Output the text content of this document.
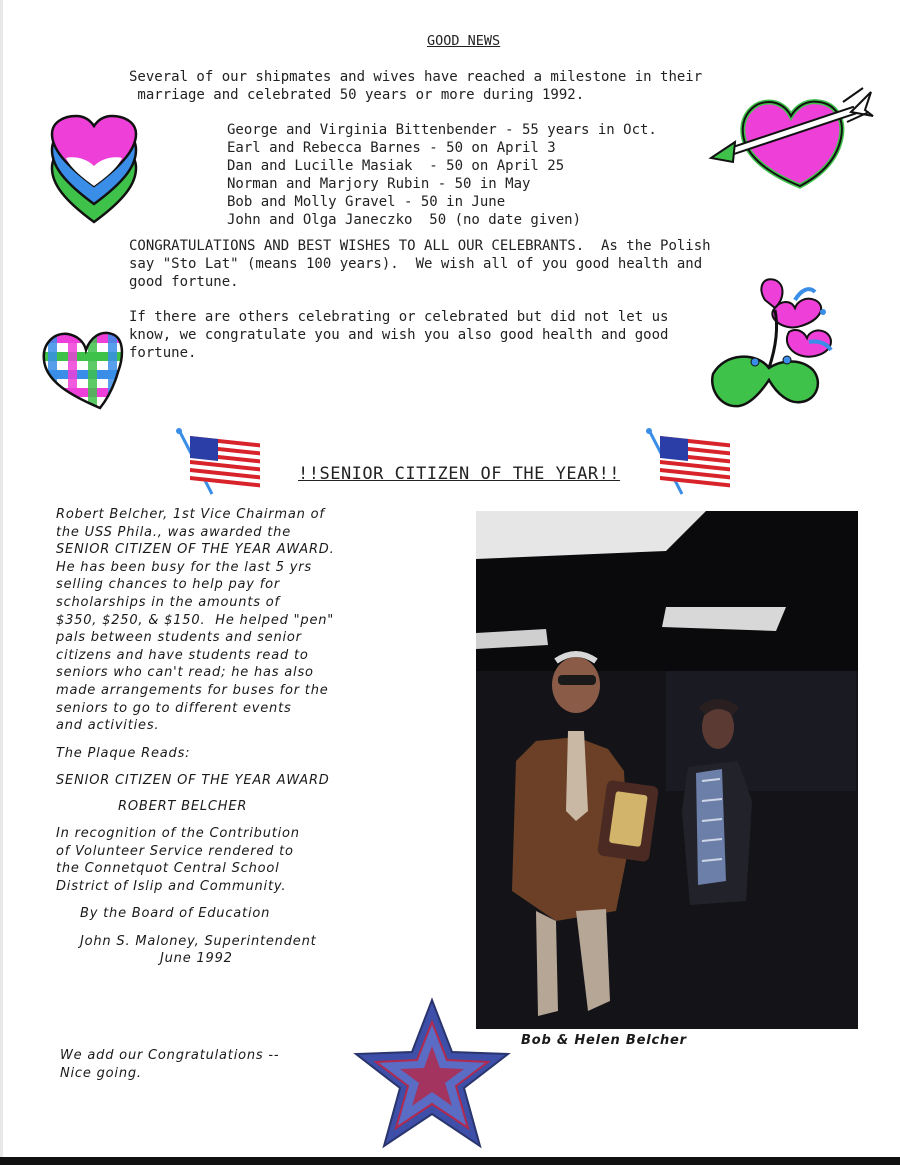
GOOD NEWS
Several of our shipmates and wives have reached a milestone in their
marriage and celebrated 50 years or more during 1992.
George and Virginia Bittenbender - 55 years in Oct.
Earl and Rebecca Barnes - 50 on April 3
Dan and Lucille Masiak  - 50 on April 25
Norman and Marjory Rubin - 50 in May
Bob and Molly Gravel - 50 in June
John and Olga Janeczko  50 (no date given)
CONGRATULATIONS AND BEST WISHES TO ALL OUR CELEBRANTS.  As the Polish
say "Sto Lat" (means 100 years).  We wish all of you good health and
good fortune.
If there are others celebrating or celebrated but did not let us
know, we congratulate you and wish you also good health and good
fortune.
!!SENIOR CITIZEN OF THE YEAR!!
Robert Belcher, 1st Vice Chairman of
the USS Phila., was awarded the
SENIOR CITIZEN OF THE YEAR AWARD.
He has been busy for the last 5 yrs
selling chances to help pay for
scholarships in the amounts of
$350, $250, & $150.  He helped "pen"
pals between students and senior
citizens and have students read to
seniors who can't read; he has also
made arrangements for buses for the
seniors to go to different events
and activities.
The Plaque Reads:
SENIOR CITIZEN OF THE YEAR AWARD
ROBERT BELCHER
In recognition of the Contribution
of Volunteer Service rendered to
the Connetquot Central School
District of Islip and Community.
By the Board of Education
John S. Maloney, Superintendent
June 1992
Bob & Helen Belcher
We add our Congratulations --
Nice going.
